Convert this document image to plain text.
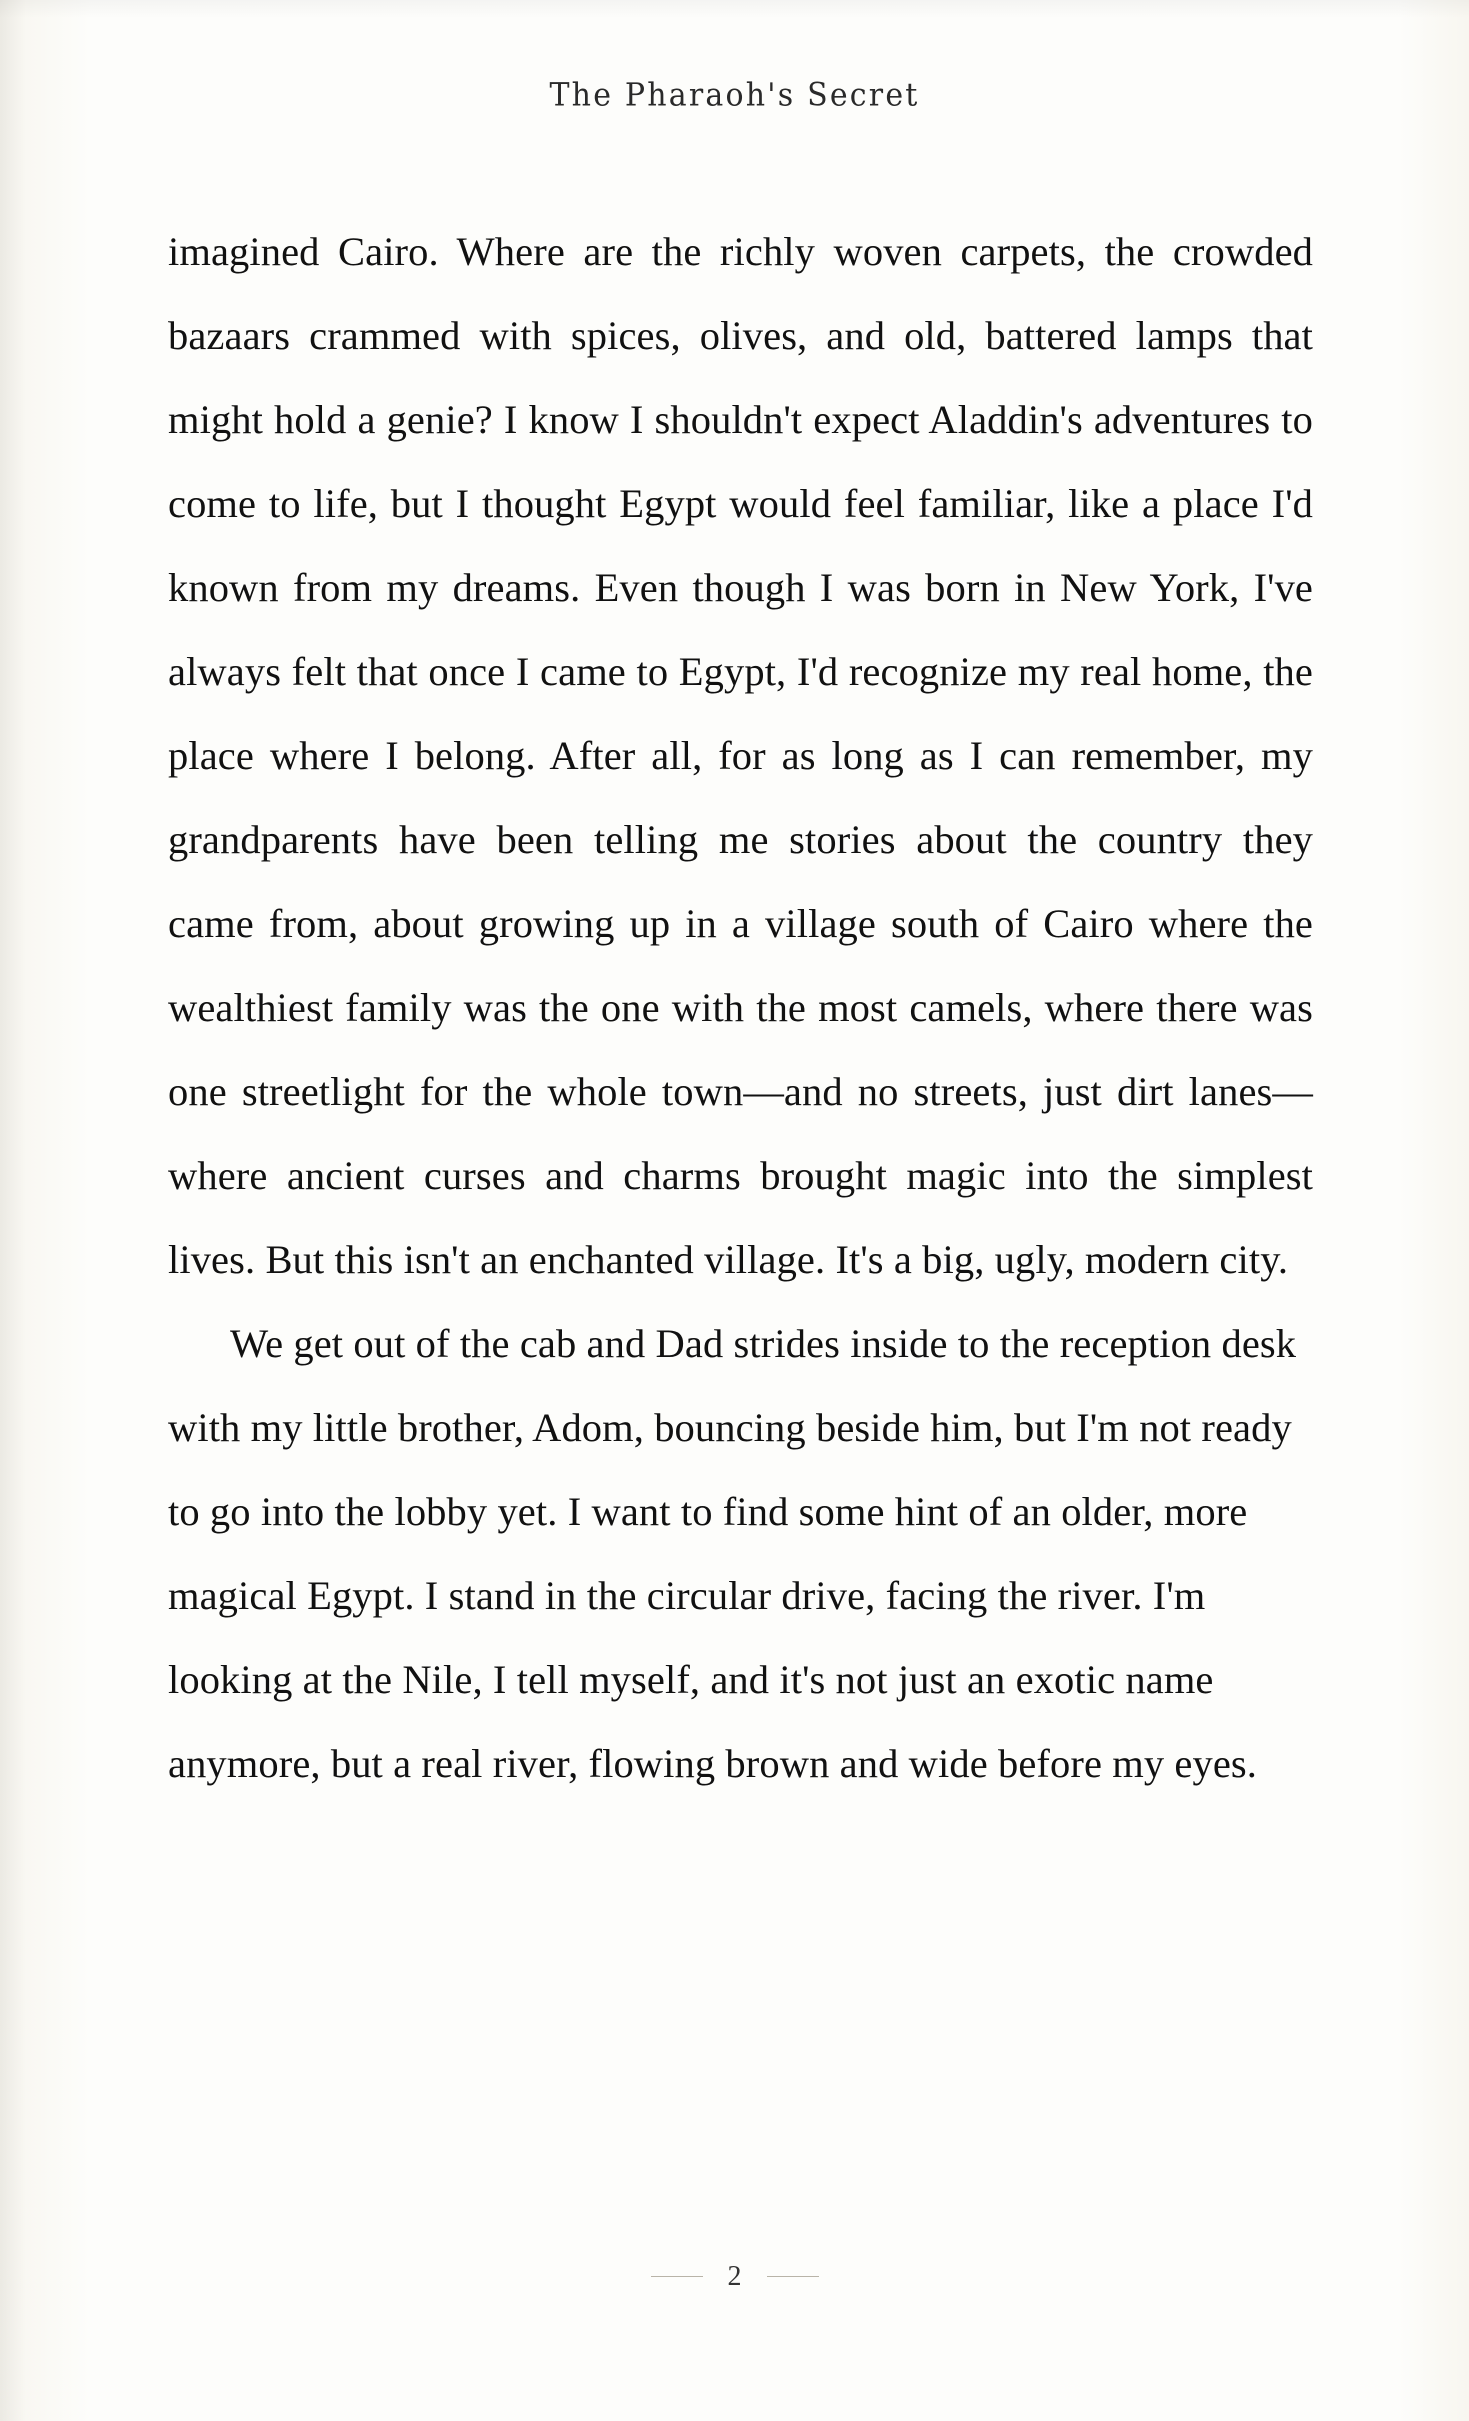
The Pharaoh's Secret

imagined Cairo. Where are the richly woven carpets, the crowded bazaars crammed with spices, olives, and old, battered lamps that might hold a genie? I know I shouldn't expect Aladdin's adventures to come to life, but I thought Egypt would feel familiar, like a place I'd known from my dreams. Even though I was born in New York, I've always felt that once I came to Egypt, I'd recognize my real home, the place where I belong. After all, for as long as I can remember, my grandparents have been telling me stories about the country they came from, about growing up in a village south of Cairo where the wealthiest family was the one with the most camels, where there was one streetlight for the whole town—and no streets, just dirt lanes—where ancient curses and charms brought magic into the simplest lives. But this isn't an enchanted village. It's a big, ugly, modern city.

We get out of the cab and Dad strides inside to the reception desk with my little brother, Adom, bouncing beside him, but I'm not ready to go into the lobby yet. I want to find some hint of an older, more magical Egypt. I stand in the circular drive, facing the river. I'm looking at the Nile, I tell myself, and it's not just an exotic name anymore, but a real river, flowing brown and wide before my eyes.

2
